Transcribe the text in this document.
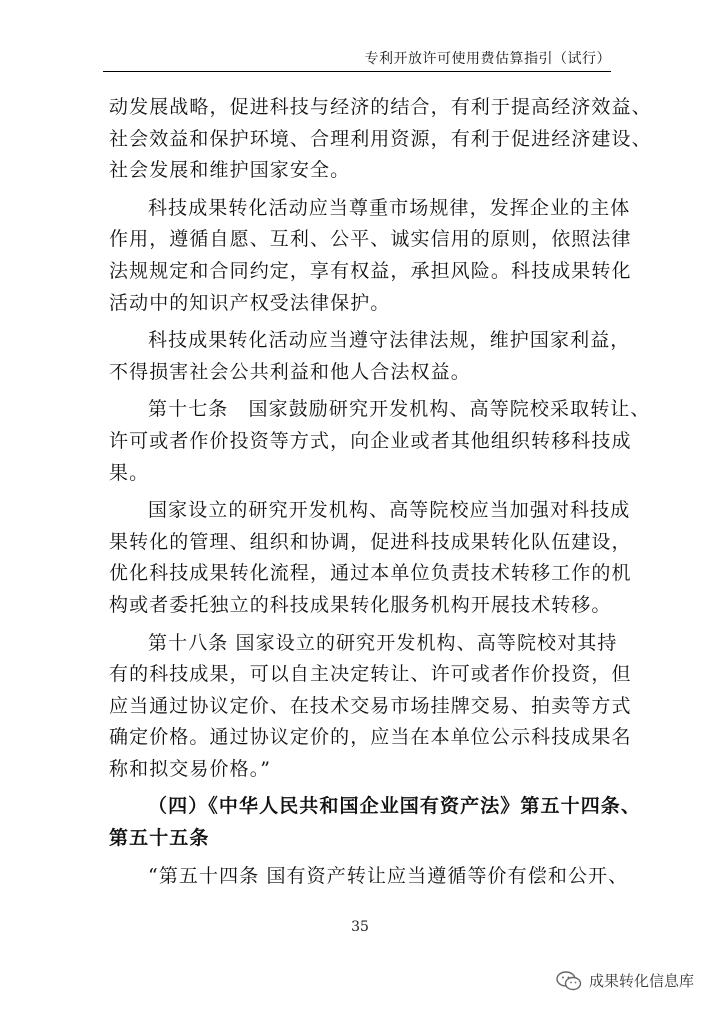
专利开放许可使用费估算指引（试行）
动发展战略，促进科技与经济的结合，有利于提高经济效益、
社会效益和保护环境、合理利用资源，有利于促进经济建设、
社会发展和维护国家安全。
科技成果转化活动应当尊重市场规律，发挥企业的主体
作用，遵循自愿、互利、公平、诚实信用的原则，依照法律
法规规定和合同约定，享有权益，承担风险。科技成果转化
活动中的知识产权受法律保护。
科技成果转化活动应当遵守法律法规，维护国家利益，
不得损害社会公共利益和他人合法权益。
第十七条　国家鼓励研究开发机构、高等院校采取转让、
许可或者作价投资等方式，向企业或者其他组织转移科技成
果。
国家设立的研究开发机构、高等院校应当加强对科技成
果转化的管理、组织和协调，促进科技成果转化队伍建设，
优化科技成果转化流程，通过本单位负责技术转移工作的机
构或者委托独立的科技成果转化服务机构开展技术转移。
第十八条 国家设立的研究开发机构、高等院校对其持
有的科技成果，可以自主决定转让、许可或者作价投资，但
应当通过协议定价、在技术交易市场挂牌交易、拍卖等方式
确定价格。通过协议定价的，应当在本单位公示科技成果名
称和拟交易价格。”
（四）《中华人民共和国企业国有资产法》第五十四条、
第五十五条
“第五十四条 国有资产转让应当遵循等价有偿和公开、
35
成果转化信息库
